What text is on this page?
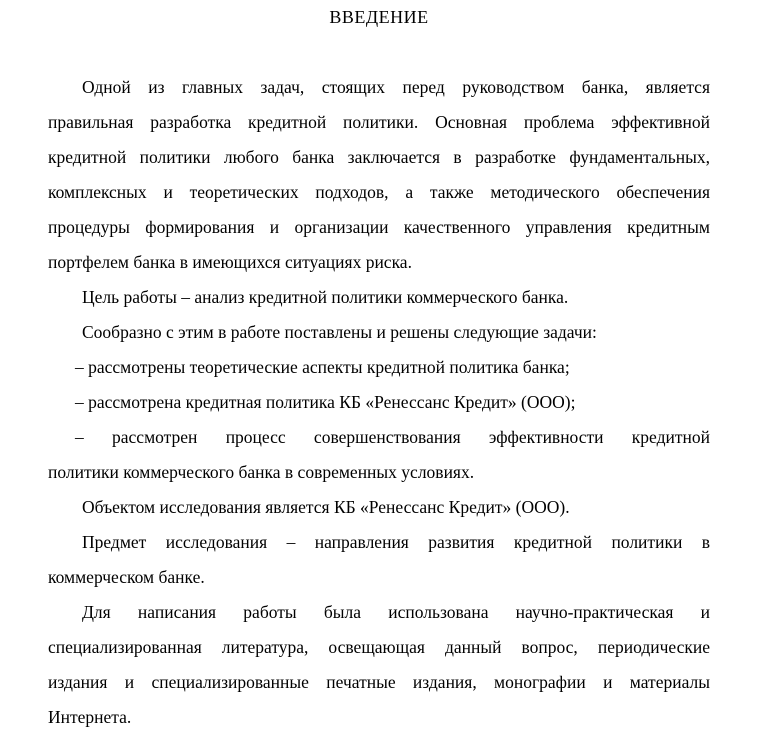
ВВЕДЕНИЕ
Одной из главных задач, стоящих перед руководством банка, является
правильная разработка кредитной политики. Основная проблема эффективной
кредитной политики любого банка заключается в разработке фундаментальных,
комплексных и теоретических подходов, а также методического обеспечения
процедуры формирования и организации качественного управления кредитным
портфелем банка в имеющихся ситуациях риска.
Цель работы – анализ кредитной политики коммерческого банка.
Сообразно с этим в работе поставлены и решены следующие задачи:
– рассмотрены теоретические аспекты кредитной политика банка;
– рассмотрена кредитная политика КБ «Ренессанс Кредит» (ООО);
– рассмотрен процесс совершенствования эффективности кредитной
политики коммерческого банка в современных условиях.
Объектом исследования является КБ «Ренессанс Кредит» (ООО).
Предмет исследования – направления развития кредитной политики в
коммерческом банке.
Для написания работы была использована научно-практическая и
специализированная литература, освещающая данный вопрос, периодические
издания и специализированные печатные издания, монографии и материалы
Интернета.
